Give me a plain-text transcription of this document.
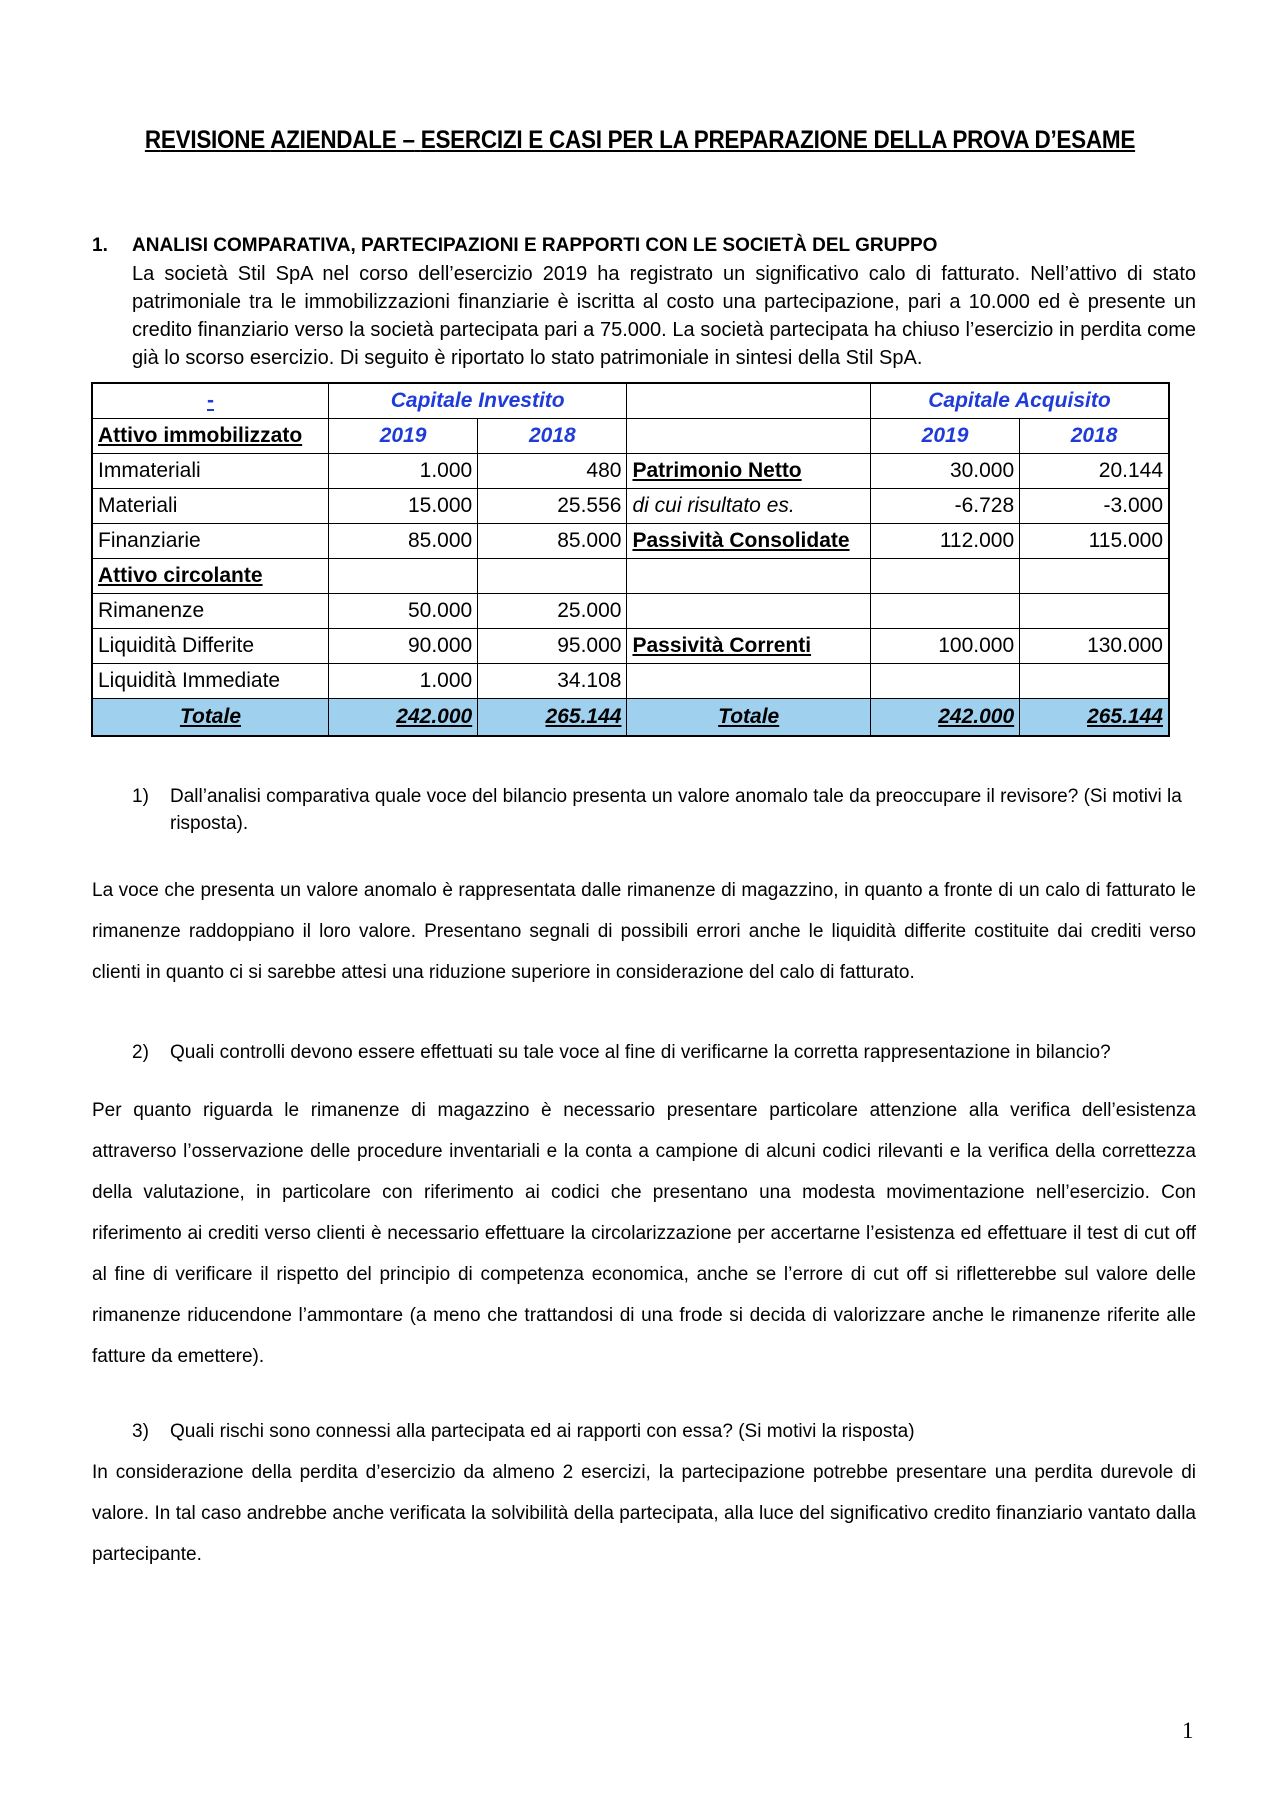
REVISIONE AZIENDALE – ESERCIZI E CASI PER LA PREPARAZIONE DELLA PROVA D’ESAME
1. ANALISI COMPARATIVA, PARTECIPAZIONI E RAPPORTI CON LE SOCIETÀ DEL GRUPPO
La società Stil SpA nel corso dell’esercizio 2019 ha registrato un significativo calo di fatturato. Nell’attivo di stato patrimoniale tra le immobilizzazioni finanziarie è iscritta al costo una partecipazione, pari a 10.000 ed è presente un credito finanziario verso la società partecipata pari a 75.000. La società partecipata ha chiuso l’esercizio in perdita come già lo scorso esercizio. Di seguito è riportato lo stato patrimoniale in sintesi della Stil SpA.
-	Capitale Investito			Capitale Acquisito	
Attivo immobilizzato	2019	2018		2019	2018
Immateriali	1.000	480	Patrimonio Netto	30.000	20.144
Materiali	15.000	25.556	di cui risultato es.	-6.728	-3.000
Finanziarie	85.000	85.000	Passività Consolidate	112.000	115.000
Attivo circolante					
Rimanenze	50.000	25.000			
Liquidità Differite	90.000	95.000	Passività Correnti	100.000	130.000
Liquidità Immediate	1.000	34.108			
Totale	242.000	265.144	Totale	242.000	265.144
1) Dall’analisi comparativa quale voce del bilancio presenta un valore anomalo tale da preoccupare il revisore? (Si motivi la risposta).
La voce che presenta un valore anomalo è rappresentata dalle rimanenze di magazzino, in quanto a fronte di un calo di fatturato le rimanenze raddoppiano il loro valore. Presentano segnali di possibili errori anche le liquidità differite costituite dai crediti verso clienti in quanto ci si sarebbe attesi una riduzione superiore in considerazione del calo di fatturato.
2) Quali controlli devono essere effettuati su tale voce al fine di verificarne la corretta rappresentazione in bilancio?
Per quanto riguarda le rimanenze di magazzino è necessario presentare particolare attenzione alla verifica dell’esistenza attraverso l’osservazione delle procedure inventariali e la conta a campione di alcuni codici rilevanti e la verifica della correttezza della valutazione, in particolare con riferimento ai codici che presentano una modesta movimentazione nell’esercizio. Con riferimento ai crediti verso clienti è necessario effettuare la circolarizzazione per accertarne l’esistenza ed effettuare il test di cut off al fine di verificare il rispetto del principio di competenza economica, anche se l’errore di cut off si rifletterebbe sul valore delle rimanenze riducendone l’ammontare (a meno che trattandosi di una frode si decida di valorizzare anche le rimanenze riferite alle fatture da emettere).
3) Quali rischi sono connessi alla partecipata ed ai rapporti con essa? (Si motivi la risposta)
In considerazione della perdita d’esercizio da almeno 2 esercizi, la partecipazione potrebbe presentare una perdita durevole di valore. In tal caso andrebbe anche verificata la solvibilità della partecipata, alla luce del significativo credito finanziario vantato dalla partecipante.
1
